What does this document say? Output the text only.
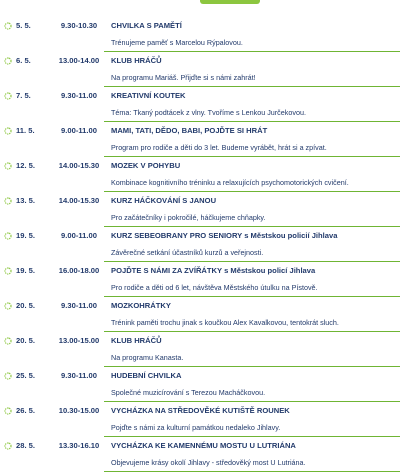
5. 5.	9.30-10.30	CHVILKA S PAMĚTÍ
Trénujeme paměť s Marcelou Rýpalovou.
6. 5.	13.00-14.00	KLUB HRÁČŮ
Na programu Mariáš. Přijďte si s námi zahrát!
7. 5.	9.30-11.00	KREATIVNÍ KOUTEK
Téma: Tkaný podtácek z vlny. Tvoříme s Lenkou Jurčekovou.
11. 5.	9.00-11.00	MAMI, TATI, DĚDO, BABI, POJĎTE SI HRÁT
Program pro rodiče a děti do 3 let. Budeme vyrábět, hrát si a zpívat.
12. 5.	14.00-15.30	MOZEK V POHYBU
Kombinace kognitivního tréninku a relaxujících psychomotorických cvičení.
13. 5.	14.00-15.30	KURZ HÁČKOVÁNÍ S JANOU
Pro začátečníky i pokročilé, háčkujeme chňapky.
19. 5.	9.00-11.00	KURZ SEBEOBRANY PRO SENIORY s Městskou policií Jihlava
Závěrečné setkání účastníků kurzů a veřejnosti.
19. 5.	16.00-18.00	POJĎTE S NÁMI ZA ZVÍŘÁTKY s Městskou policí Jihlava
Pro rodiče a děti od 6 let, návštěva Městského útulku na Pístově.
20. 5.	9.30-11.00	MOZKOHRÁTKY
Trénink paměti trochu jinak s koučkou Alex Kavalkovou, tentokrát sluch.
20. 5.	13.00-15.00	KLUB HRÁČŮ
Na programu Kanasta.
25. 5.	9.30-11.00	HUDEBNÍ CHVILKA
Společné muzicírování s Terezou Macháčkovou.
26. 5.	10.30-15.00	VYCHÁZKA NA STŘEDOVĚKÉ KUTIŠTĚ ROUNEK
Pojďte s námi za kulturní památkou nedaleko Jihlavy.
28. 5.	13.30-16.10	VYCHÁZKA KE KAMENNÉMU MOSTU U LUTRIÁNA
Objevujeme krásy okolí Jihlavy - středověký most U Lutriána.
